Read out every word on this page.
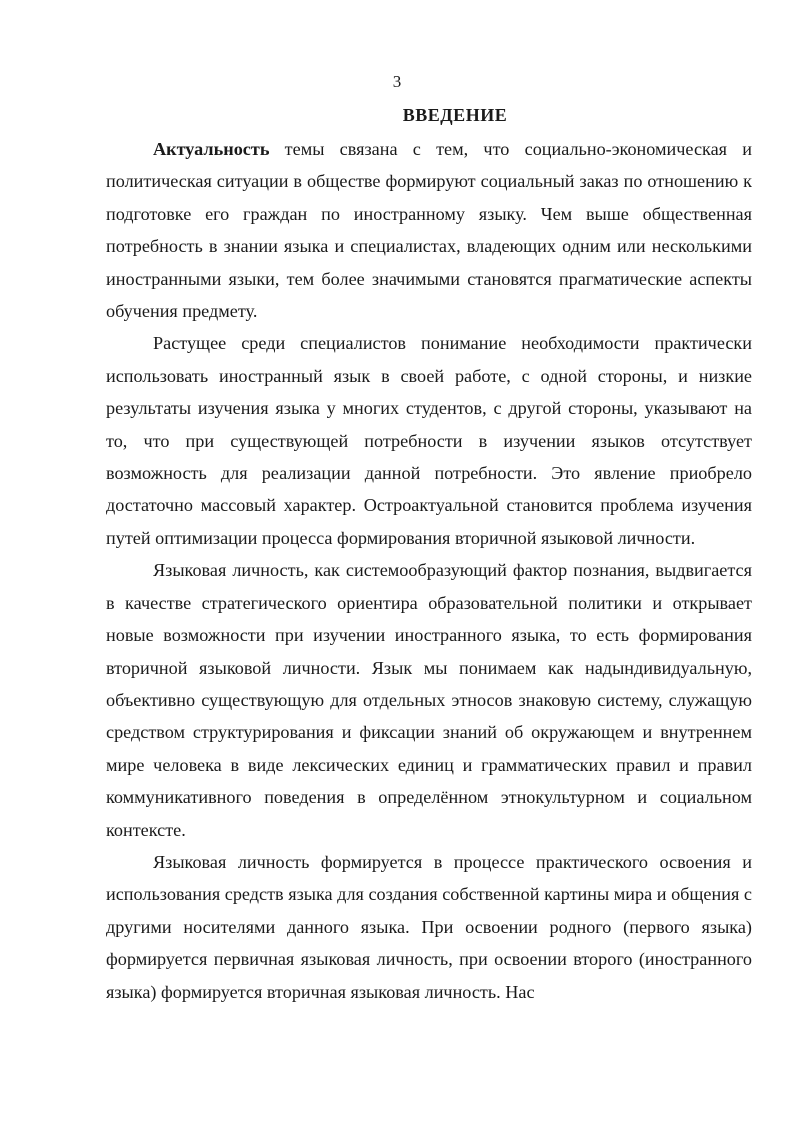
3
ВВЕДЕНИЕ

Актуальность темы связана с тем, что социально-экономическая и политическая ситуации в обществе формируют социальный заказ по отношению к подготовке его граждан по иностранному языку. Чем выше общественная потребность в знании языка и специалистах, владеющих одним или несколькими иностранными языки, тем более значимыми становятся прагматические аспекты обучения предмету.

Растущее среди специалистов понимание необходимости практически использовать иностранный язык в своей работе, с одной стороны, и низкие результаты изучения языка у многих студентов, с другой стороны, указывают на то, что при существующей потребности в изучении языков отсутствует возможность для реализации данной потребности. Это явление приобрело достаточно массовый характер. Остроактуальной становится проблема изучения путей оптимизации процесса формирования вторичной языковой личности.

Языковая личность, как системообразующий фактор познания, выдвигается в качестве стратегического ориентира образовательной политики и открывает новые возможности при изучении иностранного языка, то есть формирования вторичной языковой личности. Язык мы понимаем как надындивидуальную, объективно существующую для отдельных этносов знаковую систему, служащую средством структурирования и фиксации знаний об окружающем и внутреннем мире человека в виде лексических единиц и грамматических правил и правил коммуникативного поведения в определённом этнокультурном и социальном контексте.

Языковая личность формируется в процессе практического освоения и использования средств языка для создания собственной картины мира и общения с другими носителями данного языка. При освоении родного (первого языка) формируется первичная языковая личность, при освоении второго (иностранного языка) формируется вторичная языковая личность. Нас
